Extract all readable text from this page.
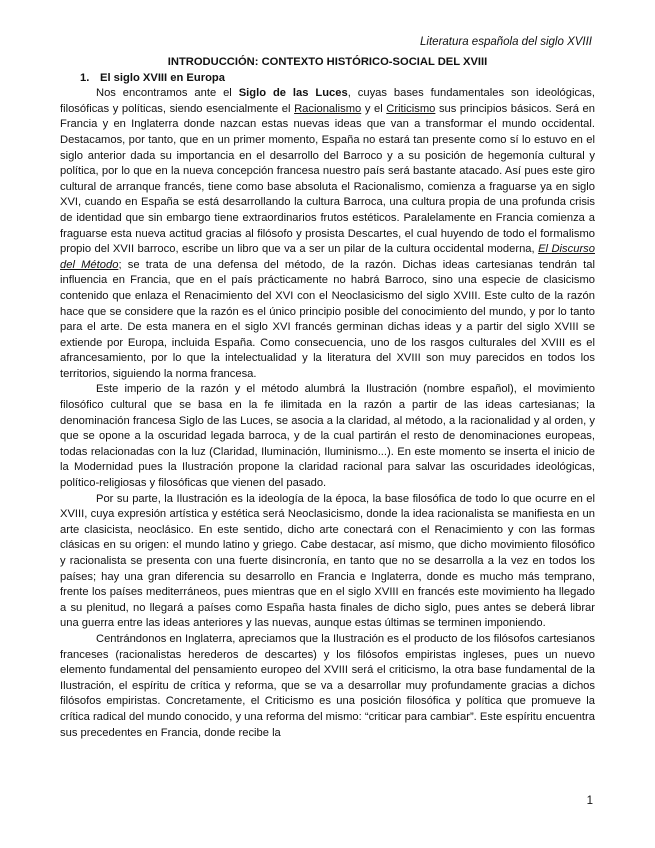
Literatura española del siglo XVIII

INTRODUCCIÓN: CONTEXTO HISTÓRICO-SOCIAL DEL XVIII

1. El siglo XVIII en Europa

Nos encontramos ante el Siglo de las Luces, cuyas bases fundamentales son ideológicas, filosóficas y políticas, siendo esencialmente el Racionalismo y el Criticismo sus principios básicos. Será en Francia y en Inglaterra donde nazcan estas nuevas ideas que van a transformar el mundo occidental. Destacamos, por tanto, que en un primer momento, España no estará tan presente como sí lo estuvo en el siglo anterior dada su importancia en el desarrollo del Barroco y a su posición de hegemonía cultural y política, por lo que en la nueva concepción francesa nuestro país será bastante atacado. Así pues este giro cultural de arranque francés, tiene como base absoluta el Racionalismo, comienza a fraguarse ya en siglo XVI, cuando en España se está desarrollando la cultura Barroca, una cultura propia de una profunda crisis de identidad que sin embargo tiene extraordinarios frutos estéticos. Paralelamente en Francia comienza a fraguarse esta nueva actitud gracias al filósofo y prosista Descartes, el cual huyendo de todo el formalismo propio del XVII barroco, escribe un libro que va a ser un pilar de la cultura occidental moderna, El Discurso del Método; se trata de una defensa del método, de la razón. Dichas ideas cartesianas tendrán tal influencia en Francia, que en el país prácticamente no habrá Barroco, sino una especie de clasicismo contenido que enlaza el Renacimiento del XVI con el Neoclasicismo del siglo XVIII. Este culto de la razón hace que se considere que la razón es el único principio posible del conocimiento del mundo, y por lo tanto para el arte. De esta manera en el siglo XVI francés germinan dichas ideas y a partir del siglo XVIII se extiende por Europa, incluida España. Como consecuencia, uno de los rasgos culturales del XVIII es el afrancesamiento, por lo que la intelectualidad y la literatura del XVIII son muy parecidos en todos los territorios, siguiendo la norma francesa.

Este imperio de la razón y el método alumbrá la Ilustración (nombre español), el movimiento filosófico cultural que se basa en la fe ilimitada en la razón a partir de las ideas cartesianas; la denominación francesa Siglo de las Luces, se asocia a la claridad, al método, a la racionalidad y al orden, y que se opone a la oscuridad legada barroca, y de la cual partirán el resto de denominaciones europeas, todas relacionadas con la luz (Claridad, Iluminación, Iluminismo...). En este momento se inserta el inicio de la Modernidad pues la Ilustración propone la claridad racional para salvar las oscuridades ideológicas, político-religiosas y filosóficas que vienen del pasado.

Por su parte, la Ilustración es la ideología de la época, la base filosófica de todo lo que ocurre en el XVIII, cuya expresión artística y estética será Neoclasicismo, donde la idea racionalista se manifiesta en un arte clasicista, neoclásico. En este sentido, dicho arte conectará con el Renacimiento y con las formas clásicas en su origen: el mundo latino y griego. Cabe destacar, así mismo, que dicho movimiento filosófico y racionalista se presenta con una fuerte disincronía, en tanto que no se desarrolla a la vez en todos los países; hay una gran diferencia su desarrollo en Francia e Inglaterra, donde es mucho más temprano, frente los países mediterráneos, pues mientras que en el siglo XVIII en francés este movimiento ha llegado a su plenitud, no llegará a países como España hasta finales de dicho siglo, pues antes se deberá librar una guerra entre las ideas anteriores y las nuevas, aunque estas últimas se terminen imponiendo.

Centrándonos en Inglaterra, apreciamos que la Ilustración es el producto de los filósofos cartesianos franceses (racionalistas herederos de descartes) y los filósofos empiristas ingleses, pues un nuevo elemento fundamental del pensamiento europeo del XVIII será el criticismo, la otra base fundamental de la Ilustración, el espíritu de crítica y reforma, que se va a desarrollar muy profundamente gracias a dichos filósofos empiristas. Concretamente, el Criticismo es una posición filosófica y política que promueve la crítica radical del mundo conocido, y una reforma del mismo: “criticar para cambiar”. Este espíritu encuentra sus precedentes en Francia, donde recibe la

1
